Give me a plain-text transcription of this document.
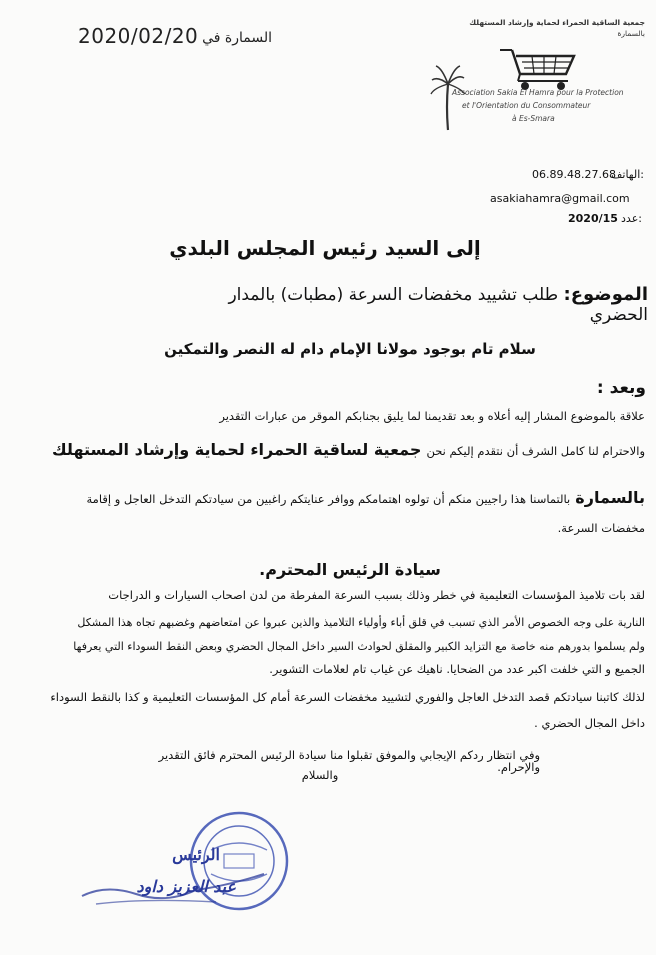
2020/02/20 السمارة في
جمعية الساقية الحمراء لحماية وإرشاد المستهلك
بالسمارة
Association Sakia El Hamra pour la Protection
et l'Orientation du Consommateur
à Es-Smara
الهاتف:
06.89.48.27.68
asakiahamra@gmail.com
عدد:
2020/15
إلى السيد رئيس المجلس البلدي
الموضوع: طلب تشييد مخفضات السرعة (مطبات) بالمدار الحضري
سلام تام بوجود مولانا الإمام دام له النصر والتمكين
وبعد :
علاقة بالموضوع المشار إليه أعلاه و بعد تقديمنا لما يليق بجنابكم الموقر من عبارات التقدير
والاحترام لنا كامل الشرف أن نتقدم إليكم نحن جمعية لساقية الحمراء لحماية وإرشاد المستهلك
بالسمارة بالتماسنا هذا راجيين منكم أن تولوه اهتمامكم ووافر عنايتكم راغبين من سيادتكم التدخل العاجل و إقامة
مخفضات السرعة.
سيادة الرئيس المحترم.
لقد بات تلاميذ المؤسسات التعليمية في خطر وذلك بسبب السرعة المفرطة من لدن اصحاب السيارات و الدراجات
النارية على وجه الخصوص الأمر الذي تسبب في قلق أباء وأولياء التلاميذ والذين عبروا عن امتعاضهم وغضبهم تجاه هذا المشكل
ولم يسلموا بدورهم منه خاصة مع التزايد الكبير والمقلق لحوادث السير داخل المجال الحضري وبعض النقط السوداء التي يعرفها
الجميع و التي خلفت اكبر عدد من الضحايا. ناهيك عن غياب تام لعلامات التشوير.
لذلك كاتبنا سيادتكم قصد التدخل العاجل والفوري لتشييد مخفضات السرعة أمام كل المؤسسات التعليمية و كذا بالنقط السوداء
داخل المجال الحضري .
وفي انتظار ردكم الإيجابي والموفق تقبلوا منا سيادة الرئيس المحترم فائق التقدير والإحرام.
والسلام
الرئيس
عبد العزيز داود
